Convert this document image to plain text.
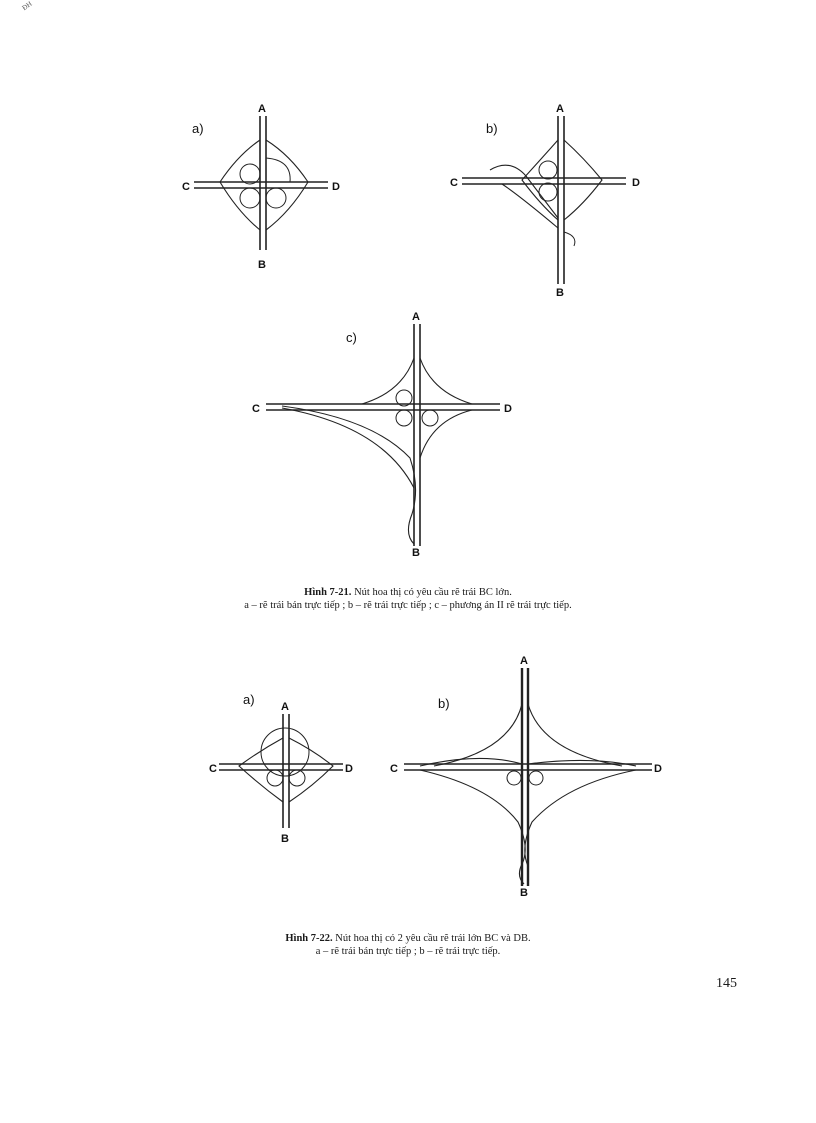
ĐH
a)
A
B
C	D
b)
A
B
C	D
c)
A
B
C	D
Hình 7-21. Nút hoa thị có yêu cầu rẽ trái BC lớn.
a – rẽ trái bán trực tiếp ; b – rẽ trái trực tiếp ; c – phương án II rẽ trái trực tiếp.
a) A
B
C	D
b)
A
B
C	D
Hình 7-22. Nút hoa thị có 2 yêu cầu rẽ trái lớn BC và DB.
a – rẽ trái bán trực tiếp ; b – rẽ trái trực tiếp.
145
